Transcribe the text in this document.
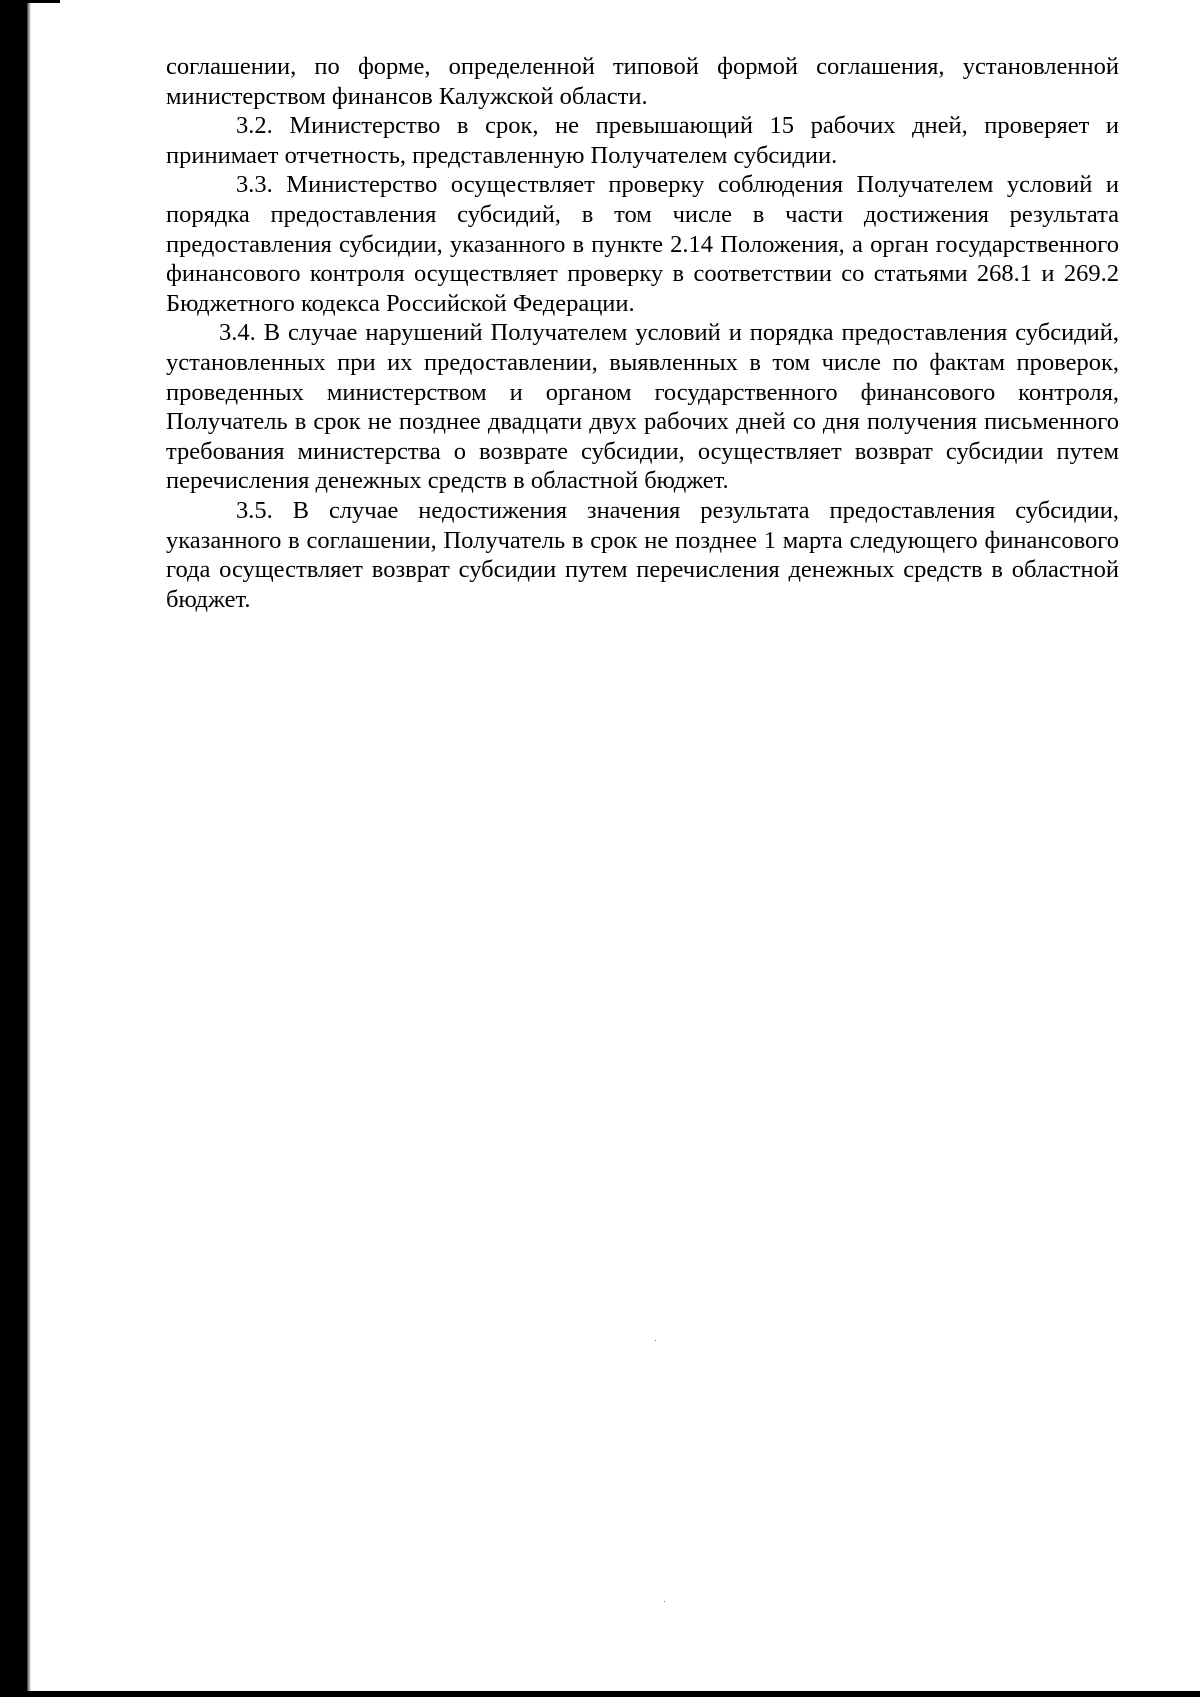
соглашении, по форме, определенной типовой формой соглашения, установленной министерством финансов Калужской области.

3.2. Министерство в срок, не превышающий 15 рабочих дней, проверяет и принимает отчетность, представленную Получателем субсидии.

3.3. Министерство осуществляет проверку соблюдения Получателем условий и порядка предоставления субсидий, в том числе в части достижения результата предоставления субсидии, указанного в пункте 2.14 Положения, а орган государственного финансового контроля осуществляет проверку в соответствии со статьями 268.1 и 269.2 Бюджетного кодекса Российской Федерации.

3.4. В случае нарушений Получателем условий и порядка предоставления субсидий, установленных при их предоставлении, выявленных в том числе по фактам проверок, проведенных министерством и органом государственного финансового контроля, Получатель в срок не позднее двадцати двух рабочих дней со дня получения письменного требования министерства о возврате субсидии, осуществляет возврат субсидии путем перечисления денежных средств в областной бюджет.

3.5. В случае недостижения значения результата предоставления субсидии, указанного в соглашении, Получатель в срок не позднее 1 марта следующего финансового года осуществляет возврат субсидии путем перечисления денежных средств в областной бюджет.
